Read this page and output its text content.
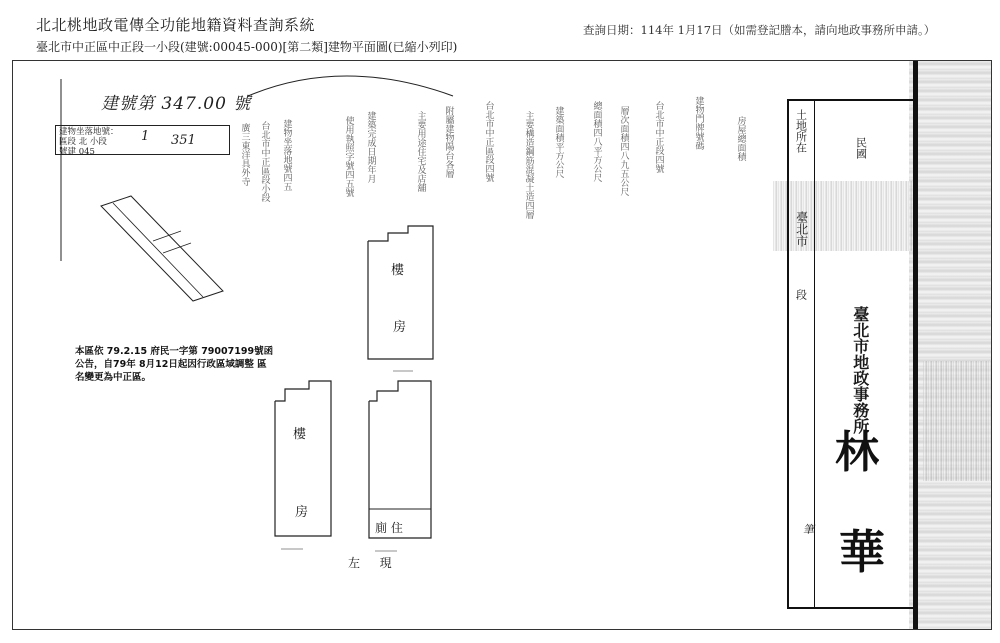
北北桃地政電傳全功能地籍資料查詢系統	查詢日期：114年 1月17日（如需登記謄本，請向地政事務所申請。）
臺北市中正區中正段一小段(建號:00045-000)[第二類]建物平面圖(已縮小列印)
建號第 347.00 號
建物坐落地號：
區段 北 小段
號建 045
1 351	廣三東洋具外寺 台北市中正區段小段 建物坐落地號四五	使用執照字號四五號 建築完成日期年月	主要用途住宅及店舖 附屬建物陽台各層	台北市中正區段四號	主要構造鋼筋混凝土造四層 建築面積平方公尺	總面積四八平方公尺 層次面積四八九五公尺	台北市中正段四號	建物門牌號碼	房屋總面積
樓
房
樓
房
廁 住
左 　 現
本區依 79.2.15 府民一字第 79007199號函公告，自79年 8月12日起因行政區域調整 區名變更為中正區。
土地所在
臺北市
段
民國
臺北市地政事務所
林
華
筆
